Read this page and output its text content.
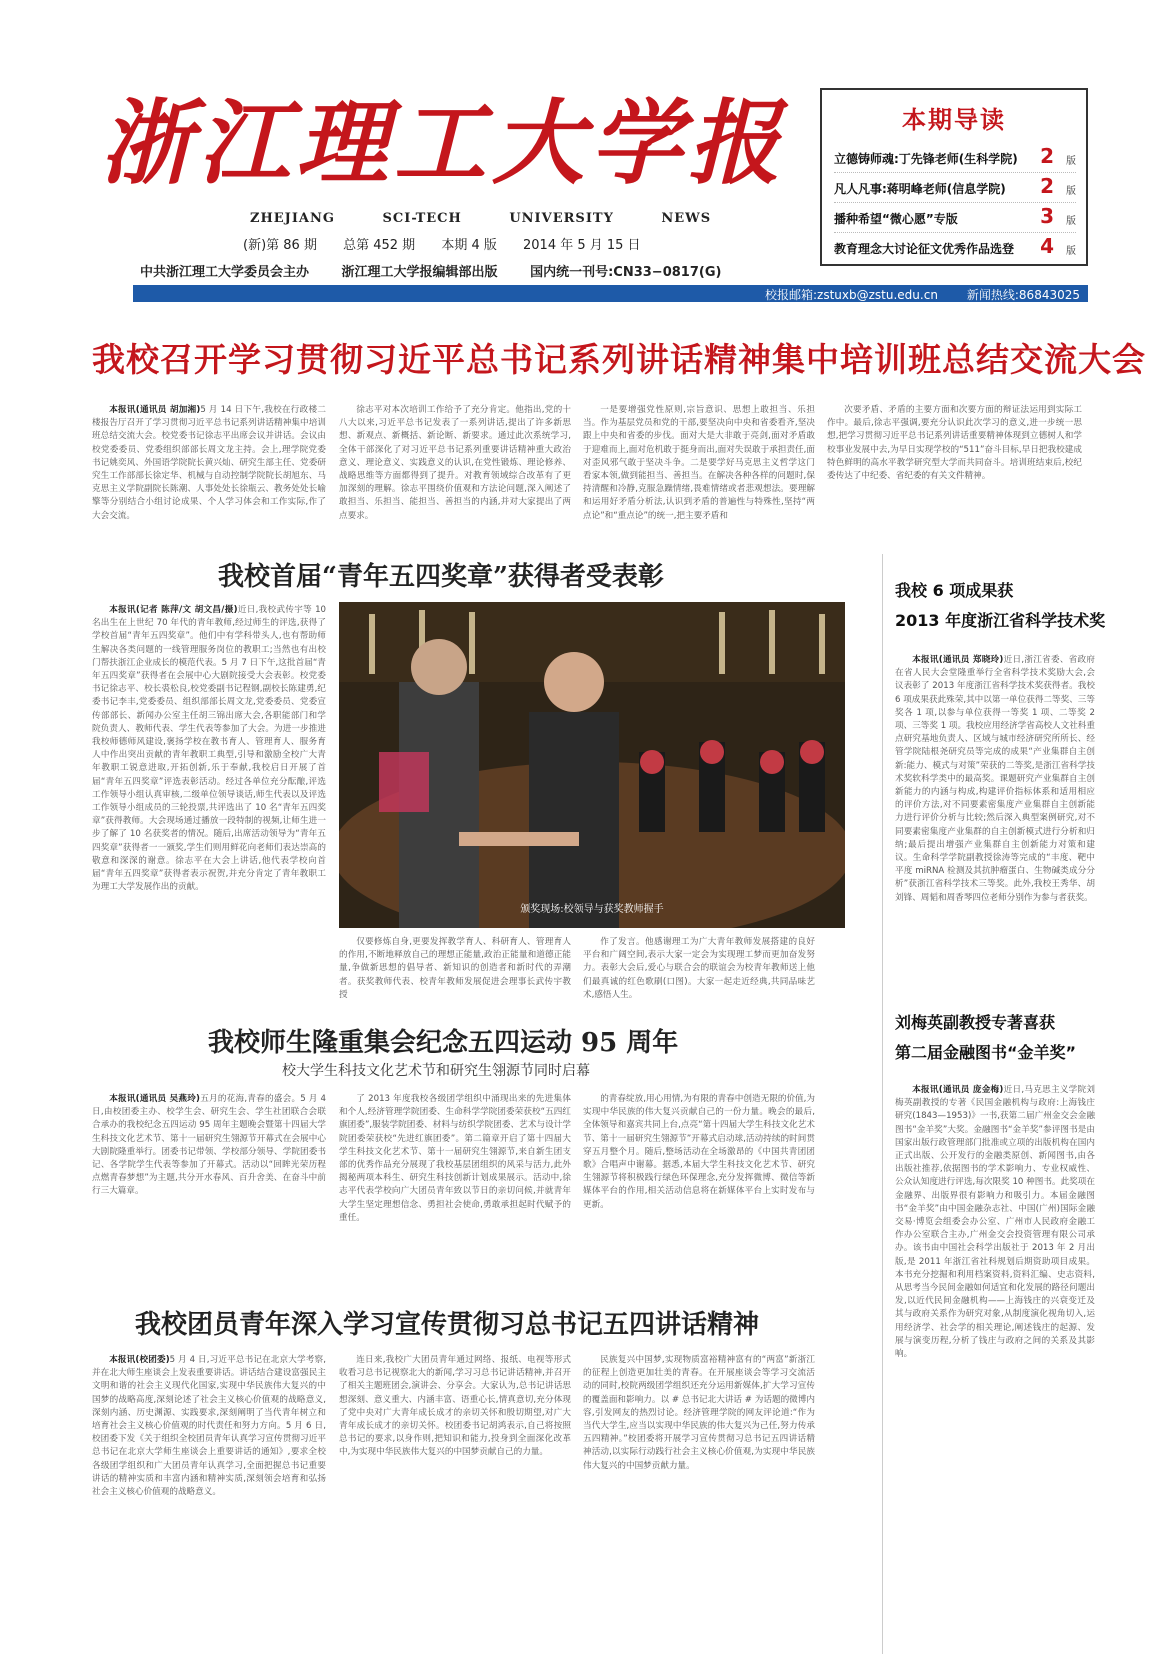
浙江理工大学报
ZHEJIANG	SCI-TECH	UNIVERSITY	NEWS
(新)第 86 期 总第 452 期 本期 4 版 2014 年 5 月 15 日
中共浙江理工大学委员会主办	浙江理工大学报编辑部出版	国内统一刊号:CN33−0817(G)
本期导读
立德铸师魂:丁先锋老师(生科学院) 2 版
凡人凡事:蒋明峰老师(信息学院) 2 版
播种希望“微心愿”专版	3 版
教育理念大讨论征文优秀作品选登 4 版
校报邮箱:zstuxb@zstu.edu.cn 新闻热线:86843025
我校召开学习贯彻习近平总书记系列讲话精神集中培训班总结交流大会

本报讯(通讯员 胡加湘)5 月 14 日下午,我校在行政楼二楼报告厅召开了学习贯彻习近平总书记系列讲话精神集中培训班总结交流大会。校党委书记徐志平出席会议并讲话。会议由校党委委员、党委组织部部长周文龙主持。会上,理学院党委书记姚奕风、外国语学院院长黄兴灿、研究生部主任、党委研究生工作部部长徐定华、机械与自动控制学院院长胡旭东、马克思主义学院副院长陈潮、人事处处长徐瓶云、教务处处长喻擎等分别结合小组讨论成果、个人学习体会和工作实际,作了大会交流。

徐志平对本次培训工作给予了充分肯定。他指出,党的十八大以来,习近平总书记发表了一系列讲话,提出了许多新思想、新观点、新概括、新论断、新要求。通过此次系统学习,全体干部深化了对习近平总书记系列重要讲话精神重大政治意义、理论意义、实践意义的认识,在党性锻炼、理论修养、战略思维等方面都得到了提升。对教育领域综合改革有了更加深刻的理解。徐志平围绕价值观和方法论问题,深入阐述了敢担当、乐担当、能担当、善担当的内涵,并对大家提出了两点要求。

一是要增强党性原则,宗旨意识、思想上敢担当、乐担当。作为基层党员和党的干部,要坚决向中央和省委看齐,坚决跟上中央和省委的步伐。面对大是大非敢于亮剑,面对矛盾敢于迎难而上,面对危机敢于挺身而出,面对失误敢于承担责任,面对歪风邪气敢于坚决斗争。二是要学好马克思主义哲学这门看家本领,做到能担当、善担当。在解决各种各样的问题时,保持清醒和冷静,克服急躁情绪,畏难情绪或者悲观想法。要理解和运用好矛盾分析法,认识到矛盾的普遍性与特殊性,坚持“两点论”和“重点论”的统一,把主要矛盾和

次要矛盾、矛盾的主要方面和次要方面的辩证法运用到实际工作中。最后,徐志平强调,要充分认识此次学习的意义,进一步统一思想,把学习贯彻习近平总书记系列讲话重要精神体现到立德树人和学校事业发展中去,为早日实现学校的“511”奋斗目标,早日把我校建成特色鲜明的高水平教学研究型大学而共同奋斗。培训班结束后,校纪委传达了中纪委、省纪委的有关文件精神。

我校首届“青年五四奖章”获得者受表彰

本报讯(记者 陈萍/文 胡文昌/摄)近日,我校武传宇等 10 名出生在上世纪 70 年代的青年教师,经过师生的评选,获得了学校首届“青年五四奖章”。他们中有学科带头人,也有帮助师生解决各类问题的一线管理服务岗位的教职工;当然也有出校门帮扶浙江企业成长的模范代表。5 月 7 日下午,这批首届“青年五四奖章”获得者在会展中心大剧院接受大会表彰。校党委书记徐志平、校长裘松良,校党委副书记程钢,副校长陈建勇,纪委书记李丰,党委委员、组织部部长周文龙,党委委员、党委宣传部部长、新闻办公室主任胡三锦出席大会,各职能部门和学院负责人、教师代表、学生代表等参加了大会。为进一步推进我校师德师风建设,褒扬学校在教书育人、管理育人、服务育人中作出突出贡献的青年教职工典型,引导和激励全校广大青年教职工锐意进取,开拓创新,乐于奉献,我校启日开展了首届“青年五四奖章”评选表彰活动。经过各单位充分酝酿,评选工作领导小组认真审核,二级单位领导谈话,师生代表以及评选工作领导小组成员的三轮投票,共评选出了 10 名“青年五四奖章”获得教师。大会现场通过播放一段特制的视频,让师生进一步了解了 10 名获奖者的情况。随后,出席活动领导为“青年五四奖章”获得者一一颁奖,学生们则用鲜花向老师们表达崇高的敬意和深深的谢意。徐志平在大会上讲话,他代表学校向首届“青年五四奖章”获得者表示祝贺,并充分肯定了青年教职工为理工大学发展作出的贡献。

颁奖现场:校领导与获奖教师握手

仅要修炼自身,更要发挥教学育人、科研育人、管理育人的作用,不断地释放自己的理想正能量,政治正能量和道德正能量,争做新思想的倡导者、新知识的创造者和新时代的弄潮者。获奖教师代表、校青年教师发展促进会理事长武传宇教授

作了发言。他感谢理工为广大青年教师发展搭建的良好平台和广阔空间,表示大家一定会为实现理工梦而更加奋发努力。表彰大会后,爱心与联合会的联谊会为校青年教师送上他们最真诚的红色歌刷(口图)。大家一起走近经典,共同品味艺术,感悟人生。

我校师生隆重集会纪念五四运动 95 周年
校大学生科技文化艺术节和研究生翎源节同时启幕

本报讯(通讯员 吴燕玲)五月的花海,青春的盛会。5 月 4 日,由校团委主办、校学生会、研究生会、学生社团联合会联合承办的我校纪念五四运动 95 周年主题晚会暨第十四届大学生科技文化艺术节、第十一届研究生翎源节开幕式在会展中心大剧院隆重举行。团委书记带领、学校部分领导、学院团委书记、各学院学生代表等参加了开幕式。活动以“回眸光荣历程 点燃青春梦想”为主题,共分开水春风、百升舍美、在奋斗中前行三大篇章。

了 2013 年度我校各级团学组织中涌现出来的先进集体和个人,经济管理学院团委、生命科学学院团委荣获校“五四红旗团委”,服装学院团委、材料与纺织学院团委、艺术与设计学院团委荣获校“先进红旗团委”。第二篇章开启了第十四届大学生科技文化艺术节、第十一届研究生翎源节,来自新生团支部的优秀作品充分展现了我校基层团组织的风采与活力,此外揭秘两项本科生、研究生科技创新计划成果展示。活动中,徐志平代表学校向广大团员青年致以节日的亲切问候,并就青年大学生坚定理想信念、勇担社会使命,勇敢承担起时代赋予的重任。

的青春绽放,用心用情,为有限的青春中创造无限的价值,为实现中华民族的伟大复兴贡献自己的一份力量。晚会的最后,全体领导和嘉宾共同上台,点亮“第十四届大学生科技文化艺术节、第十一届研究生翎源节”开幕式启动球,活动持续的时间贯穿五月整个月。随后,整场活动在全场激昂的《中国共青团团歌》合唱声中谢幕。据悉,本届大学生科技文化艺术节、研究生翎源节将积极践行绿色环保理念,充分发挥微博、微信等新媒体平台的作用,相关活动信息将在新媒体平台上实时发布与更新。

我校团员青年深入学习宣传贯彻习总书记五四讲话精神

本报讯(校团委)5 月 4 日,习近平总书记在北京大学考察,并在北大师生座谈会上发表重要讲话。讲话结合建设富强民主文明和谐的社会主义现代化国家,实现中华民族伟大复兴的中国梦的战略高度,深刻论述了社会主义核心价值观的战略意义,深刻内涵、历史渊源、实践要求,深刻阐明了当代青年树立和培育社会主义核心价值观的时代责任和努力方向。5 月 6 日,校团委下发《关于组织全校团员青年认真学习宣传贯彻习近平总书记在北京大学师生座谈会上重要讲话的通知》,要求全校各级团学组织和广大团员青年认真学习,全面把握总书记重要讲话的精神实质和丰富内涵和精神实质,深刻领会培育和弘扬社会主义核心价值观的战略意义。

连日来,我校广大团员青年通过网络、报纸、电视等形式收看习总书记视察北大的新闻,学习习总书记讲话精神,并召开了相关主题班团会,演讲会、分享会。大家认为,总书记讲话思想深刻、意义重大、内涵丰富、语重心长,情真意切,充分体现了党中央对广大青年成长成才的亲切关怀和殷切期望,对广大青年成长成才的亲切关怀。校团委书记胡鸿表示,自己将按照总书记的要求,以身作则,把知识和能力,投身到全面深化改革中,为实现中华民族伟大复兴的中国梦贡献自己的力量。

民族复兴中国梦,实现物质富裕精神富有的“两富”新浙江的征程上创造更加壮美的青春。在开展座谈会等学习交流活动的同时,校院两级团学组织还充分运用新媒体,扩大学习宣传的覆盖面和影响力。以 # 总书记北大讲话 # 为话题的微博内容,引发网友的热烈讨论。经济管理学院的网友评论道:“作为当代大学生,应当以实现中华民族的伟大复兴为己任,努力传承五四精神。”校团委将开展学习宣传贯彻习总书记五四讲话精神活动,以实际行动践行社会主义核心价值观,为实现中华民族伟大复兴的中国梦贡献力量。

我校 6 项成果获
2013 年度浙江省科学技术奖

本报讯(通讯员 郑晓玲)近日,浙江省委、省政府在省人民大会堂隆重举行全省科学技术奖励大会,会议表彰了 2013 年度浙江省科学技术奖获得者。我校 6 项成果获此殊荣,其中以第一单位获得二等奖、三等奖各 1 项,以参与单位获得一等奖 1 项、二等奖 2 项、三等奖 1 项。我校应用经济学省高校人文社科重点研究基地负责人、区域与城市经济研究所所长、经管学院陆根尧研究员等完成的成果“产业集群自主创新:能力、模式与对策”荣获的二等奖,是浙江省科学技术奖软科学类中的最高奖。课题研究产业集群自主创新能力的内涵与构成,构建评价指标体系和适用相应的评价方法,对不同要素密集度产业集群自主创新能力进行评价分析与比较;然后深入典型案例研究,对不同要素密集度产业集群的自主创新模式进行分析和归纳;最后提出增强产业集群自主创新能力对策和建议。生命科学学院副教授徐涛等完成的“丰度、靶中平度 miRNA 检测及其抗肿瘤蛋白、生物碱类成分分析”获浙江省科学技术三等奖。此外,我校王秀华、胡刘锋、周韬和周香琴四位老师分别作为参与者获奖。

刘梅英副教授专著喜获
第二届金融图书“金羊奖”

本报讯(通讯员 庞金梅)近日,马克思主义学院刘梅英副教授的专著《民国金融机构与政府:上海钱庄研究(1843—1953)》一书,获第二届广州金交会金融图书“金羊奖”大奖。金融图书“金羊奖”参评图书是由国家出版行政管理部门批准或立项的出版机构在国内正式出版、公开发行的金融类原创、新闻图书,由各出版社推荐,依据图书的学术影响力、专业权威性、公众认知度进行评选,每次限奖 10 种图书。此奖项在金融界、出版界很有影响力和吸引力。本届金融图书“金羊奖”由中国金融杂志社、中国(广州)国际金融交易·博览会组委会办公室、广州市人民政府金融工作办公室联合主办,广州金交会投资管理有限公司承办。该书由中国社会科学出版社于 2013 年 2 月出版,是 2011 年浙江省社科规划后期资助项目成果。本书充分挖掘和利用档案资料,资料汇编、史志资料,从思考当今民间金融如何适宜和化发展的路径问题出发,以近代民间金融机构——上海钱庄的兴衰变迁及其与政府关系作为研究对象,从制度演化视角切入,运用经济学、社会学的相关理论,阐述钱庄的起源、发展与演变历程,分析了钱庄与政府之间的关系及其影响。
